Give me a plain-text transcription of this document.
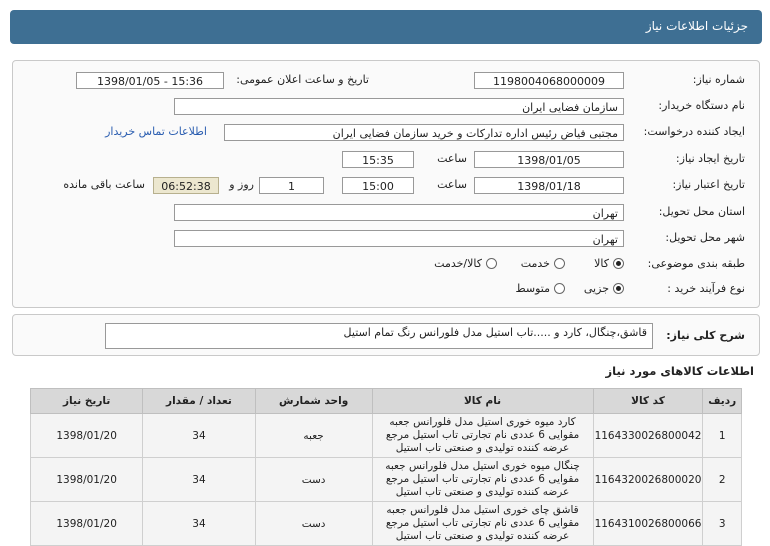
جزئیات اطلاعات نیاز
شماره نیاز:
1198004068000009
تاریخ و ساعت اعلان عمومی:
1398/01/05 - 15:36
نام دستگاه خریدار:
سازمان فضایی ایران
ایجاد کننده درخواست:
مجتبی فیاض رئیس اداره تدارکات و خرید سازمان فضایی ایران
اطلاعات تماس خریدار
تاریخ ایجاد نیاز:
1398/01/05
ساعت
15:35
تاریخ اعتبار نیاز:
1398/01/18
ساعت
15:00
1
روز و
06:52:38
ساعت باقی مانده
استان محل تحویل:
تهران
شهر محل تحویل:
تهران
طبقه بندی موضوعی:
کالا
خدمت
کالا/خدمت
نوع فرآیند خرید :
جزیی
متوسط
شرح کلی نیاز:
قاشق،چنگال، کارد و .....تاب استیل مدل فلورانس رنگ تمام استیل
اطلاعات کالاهای مورد نیاز
ردیف	کد کالا	نام کالا	واحد شمارش	تعداد / مقدار	تاریخ نیاز
1	1164330026800042	کارد میوه خوری استیل مدل فلورانس جعبه مقوایی 6 عددی نام تجارتی تاب استیل مرجع عرضه کننده تولیدی و صنعتی تاب استیل	جعبه	34	1398/01/20
2	1164320026800020	چنگال میوه خوری استیل مدل فلورانس جعبه مقوایی 6 عددی نام تجارتی تاب استیل مرجع عرضه کننده تولیدی و صنعتی تاب استیل	دست	34	1398/01/20
3	1164310026800066	قاشق چای خوری استیل مدل فلورانس جعبه مقوایی 6 عددی نام تجارتی تاب استیل مرجع عرضه کننده تولیدی و صنعتی تاب استیل	دست	34	1398/01/20
